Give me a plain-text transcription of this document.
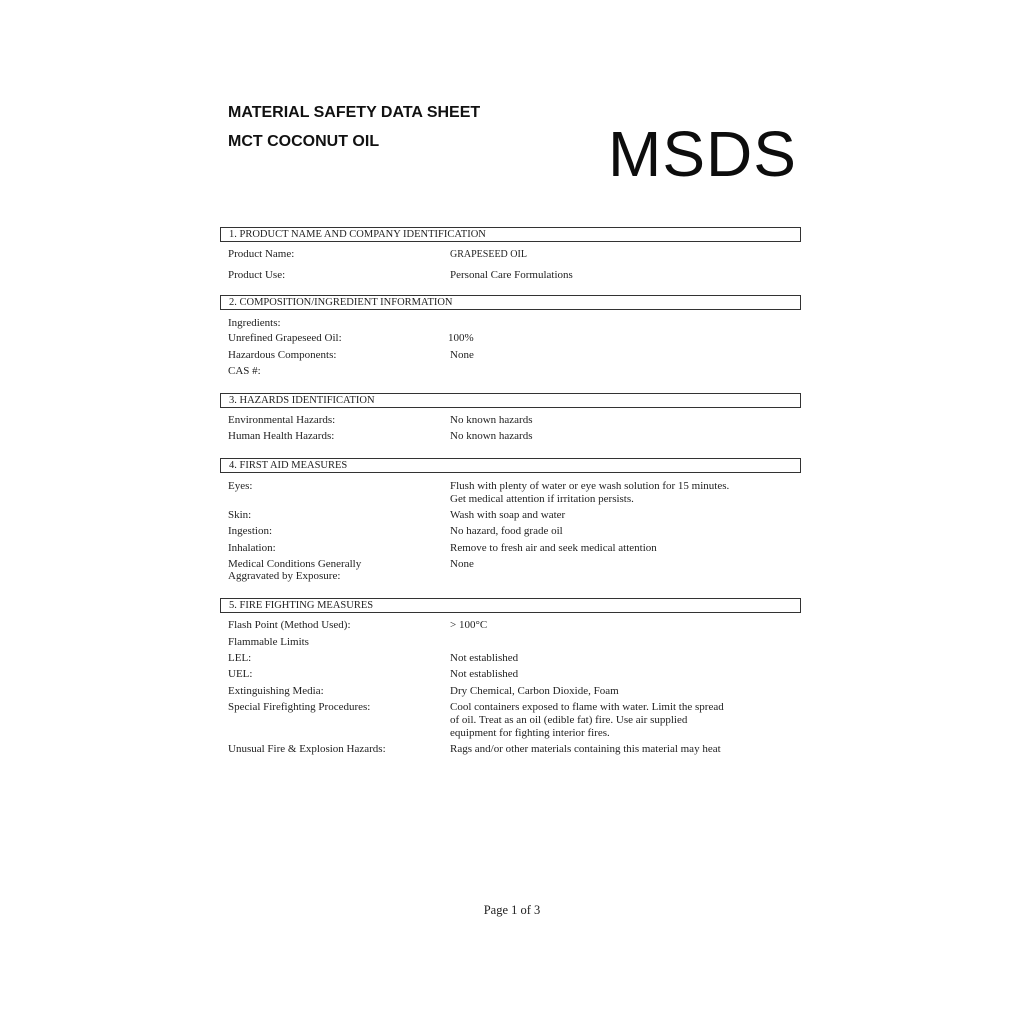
MATERIAL SAFETY DATA SHEET
MCT COCONUT OIL	MSDS
1. PRODUCT NAME AND COMPANY IDENTIFICATION
Product Name:	GRAPESEED OIL
Product Use:	Personal Care Formulations
2. COMPOSITION/INGREDIENT INFORMATION
Ingredients:
Unrefined Grapeseed Oil:	100%
Hazardous Components:	None
CAS #:
3. HAZARDS IDENTIFICATION
Environmental Hazards:	No known hazards
Human Health Hazards:	No known hazards
4. FIRST AID MEASURES
Eyes:	Flush with plenty of water or eye wash solution for 15 minutes.
Get medical attention if irritation persists.
Skin:	Wash with soap and water
Ingestion:	No hazard, food grade oil
Inhalation:	Remove to fresh air and seek medical attention
Medical Conditions Generally
Aggravated by Exposure:
None
5. FIRE FIGHTING MEASURES
Flash Point (Method Used):	> 100°C
Flammable Limits
LEL:	Not established
UEL:	Not established
Extinguishing Media:	Dry Chemical, Carbon Dioxide, Foam
Special Firefighting Procedures:	Cool containers exposed to flame with water. Limit the spread
of oil. Treat as an oil (edible fat) fire. Use air supplied
equipment for fighting interior fires.
Unusual Fire & Explosion Hazards:	Rags and/or other materials containing this material may heat
Page 1 of 3
